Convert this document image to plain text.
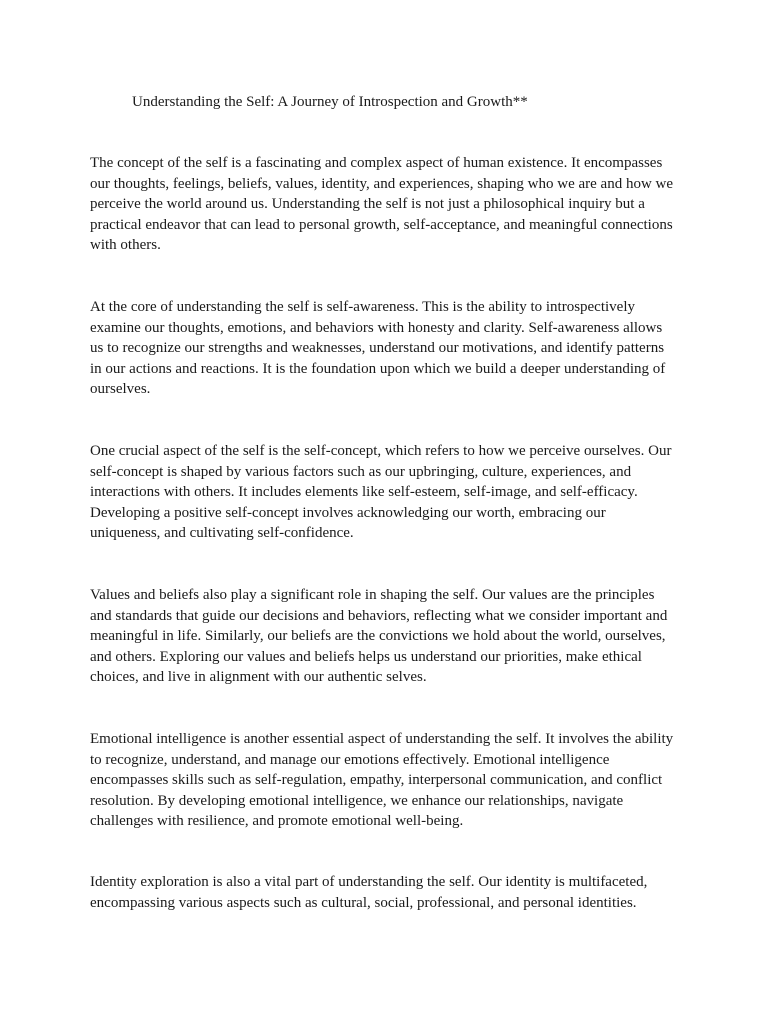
Understanding the Self: A Journey of Introspection and Growth**

The concept of the self is a fascinating and complex aspect of human existence. It encompasses
our thoughts, feelings, beliefs, values, identity, and experiences, shaping who we are and how we
perceive the world around us. Understanding the self is not just a philosophical inquiry but a
practical endeavor that can lead to personal growth, self-acceptance, and meaningful connections
with others.

At the core of understanding the self is self-awareness. This is the ability to introspectively
examine our thoughts, emotions, and behaviors with honesty and clarity. Self-awareness allows
us to recognize our strengths and weaknesses, understand our motivations, and identify patterns
in our actions and reactions. It is the foundation upon which we build a deeper understanding of
ourselves.

One crucial aspect of the self is the self-concept, which refers to how we perceive ourselves. Our
self-concept is shaped by various factors such as our upbringing, culture, experiences, and
interactions with others. It includes elements like self-esteem, self-image, and self-efficacy.
Developing a positive self-concept involves acknowledging our worth, embracing our
uniqueness, and cultivating self-confidence.

Values and beliefs also play a significant role in shaping the self. Our values are the principles
and standards that guide our decisions and behaviors, reflecting what we consider important and
meaningful in life. Similarly, our beliefs are the convictions we hold about the world, ourselves,
and others. Exploring our values and beliefs helps us understand our priorities, make ethical
choices, and live in alignment with our authentic selves.

Emotional intelligence is another essential aspect of understanding the self. It involves the ability
to recognize, understand, and manage our emotions effectively. Emotional intelligence
encompasses skills such as self-regulation, empathy, interpersonal communication, and conflict
resolution. By developing emotional intelligence, we enhance our relationships, navigate
challenges with resilience, and promote emotional well-being.

Identity exploration is also a vital part of understanding the self. Our identity is multifaceted,
encompassing various aspects such as cultural, social, professional, and personal identities.
